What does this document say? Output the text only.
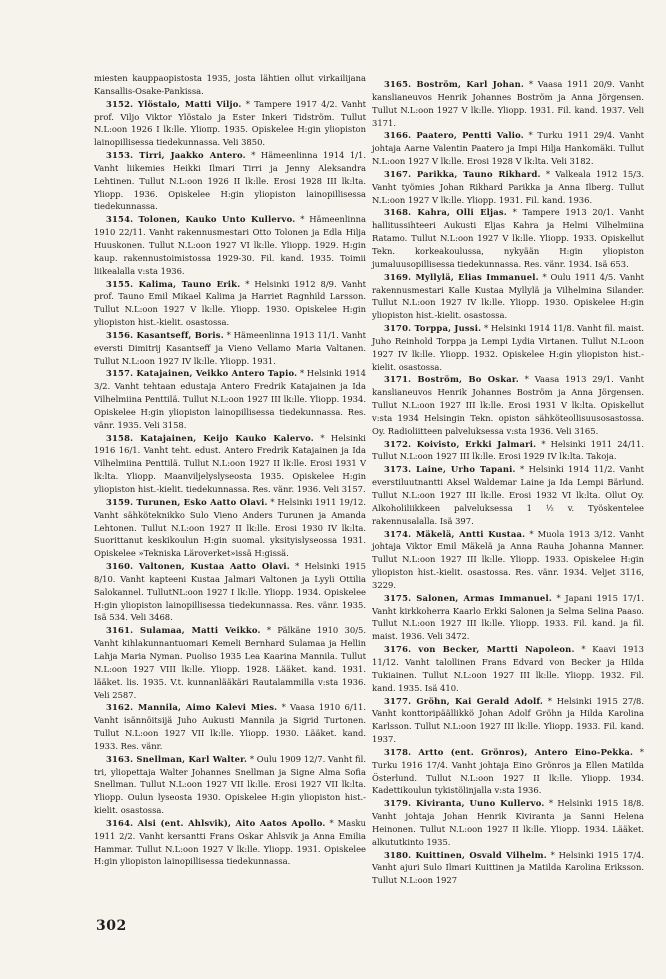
miesten kauppaopistosta 1935, josta lähtien ollut virkailijana Kansallis-Osake-Pankissa.

3152. Ylöstalo, Matti Viljo. * Tampere 1917 4/2. Vanht prof. Viljo Viktor Ylöstalo ja Ester Inkeri Tidström. Tullut N.L:oon 1926 I lk:lle. Ylioпp. 1935. Opiskelee H:gin yliopiston lainopillisessa tiedekunnassa. Veli 3850.

3153. Tirri, Jaakko Antero. * Hämeenlinna 1914 1/1. Vanht liikemies Heikki Ilmari Tirri ja Jenny Aleksandra Lehtinen. Tullut N.L:oon 1926 II lk:lle. Erosi 1928 III lk:lta. Yliopp. 1936. Opiskelee H:gin yliopiston lainopillisessa tiedekunnassa.

3154. Tolonen, Kauko Unto Kullervo. * Hämeenlinna 1910 22/11. Vanht rakennusmestari Otto Tolonen ja Edla Hilja Huuskonen. Tullut N.L:oon 1927 VI lk:lle. Yliopp. 1929. H:gin kaup. rakennustoimistossa 1929-30. Fil. kand. 1935. Toimii liikealalla v:sta 1936.

3155. Kalima, Tauno Erik. * Helsinki 1912 8/9. Vanht prof. Tauno Emil Mikael Kalima ja Harriet Ragnhild Larsson. Tullut N.L:oon 1927 V lk:lle. Yliopp. 1930. Opiskelee H:gin yliopiston hist.-kielit. osastossa.

3156. Kasantseff, Boris. * Hämeenlinna 1913 11/1. Vanht eversti Dimitrij Kasantseff ja Vieno Vellamo Maria Valtanen. Tullut N.L:oon 1927 IV lk:lle. Yliopp. 1931.

3157. Katajainen, Veikko Antero Tapio. * Helsinki 1914 3/2. Vanht tehtaan edustaja Antero Fredrik Katajainen ja Ida Vilhelmiina Penttilä. Tullut N.L:oon 1927 III lk:lle. Yliopp. 1934. Opiskelee H:gin yliopiston lainopillisessa tiedekunnassa. Res. vänr. 1935. Veli 3158.

3158. Katajainen, Keijo Kauko Kalervo. * Helsinki 1916 16/1. Vanht teht. edust. Antero Fredrik Katajainen ja Ida Vilhelmiina Penttilä. Tullut N.L:oon 1927 II lk:lle. Erosi 1931 V lk:lta. Yliopp. Maanviljelyslyseosta 1935. Opiskelee H:gin yliopiston hist.-kielit. tiedekunnassa. Res. vänr. 1936. Veli 3157.

3159. Turunen, Esko Aatto Olavi. * Helsinki 1911 19/12. Vanht sähköteknikko Sulo Vieno Anders Turunen ja Amanda Lehtonen. Tullut N.L:oon 1927 II lk:lle. Erosi 1930 IV lk:lta. Suorittanut keskikoulun H:gin suomal. yksityislyseossa 1931. Opiskelee »Tekniska Läroverket»issä H:gissä.

3160. Valtonen, Kustaa Aatto Olavi. * Helsinki 1915 8/10. Vanht kapteeni Kustaa Jalmari Valtonen ja Lyyli Ottilia Salokannel. TullutNL:oon 1927 I lk:lle. Yliopp. 1934. Opiskelee H:gin yliopiston lainopillisessa tiedekunnassa. Res. vänr. 1935. Isä 534. Veli 3468.

3161. Sulamaa, Matti Veikko. * Pälkäne 1910 30/5. Vanht kihlakunnantuomari Kemeli Bernhard Sulamaa ja Hellin Lahja Maria Nyman. Puoliso 1935 Lea Kaarina Mannila. Tullut N.L:oon 1927 VIII lk:lle. Yliopp. 1928. Lääket. kand. 1931. lääket. lis. 1935. V.t. kunnanlääkäri Rautalammilla v:sta 1936. Veli 2587.

3162. Mannila, Aimo Kalevi Mies. * Vaasa 1910 6/11. Vanht isännöitsijä Juho Aukusti Mannila ja Sigrid Turtonen. Tullut N.L:oon 1927 VII lk:lle. Yliopp. 1930. Lääket. kand. 1933. Res. vänr.

3163. Snellman, Karl Walter. * Oulu 1909 12/7. Vanht fil. tri, yliopettaja Walter Johannes Snellman ja Signe Alma Sofia Snellman. Tullut N.L:oon 1927 VII lk:lle. Erosi 1927 VII lk:lta. Yliopp. Oulun lyseosta 1930. Opiskelee H:gin yliopiston hist.-kielit. osastossa.

3164. Alsi (ent. Ahlsvik), Aito Aatos Apollo. * Masku 1911 2/2. Vanht kersantti Frans Oskar Ahlsvik ja Anna Emilia Hammar. Tullut N.L:oon 1927 V lk:lle. Yliopp. 1931. Opiskelee H:gin yliopiston lainopillisessa tiedekunnassa.

3165. Boström, Karl Johan. * Vaasa 1911 20/9. Vanht kanslianeuvos Henrik Johannes Boström ja Anna Jörgensen. Tullut N.L:oon 1927 V lk:lle. Yliopp. 1931. Fil. kand. 1937. Veli 3171.

3166. Paatero, Pentti Valio. * Turku 1911 29/4. Vanht johtaja Aarne Valentin Paatero ja Impi Hilja Hankomäki. Tullut N.L:oon 1927 V lk:lle. Erosi 1928 V lk:lta. Veli 3182.

3167. Parikka, Tauno Rikhard. * Valkeala 1912 15/3. Vanht työmies Johan Rikhard Parikka ja Anna Ilberg. Tullut N.L:oon 1927 V lk:lle. Yliopp. 1931. Fil. kand. 1936.

3168. Kahra, Olli Eljas. * Tampere 1913 20/1. Vanht hallitussihteeri Aukusti Eljas Kahra ja Helmi Vilhelmiina Ratamo. Tullut N.L:oon 1927 V lk:lle. Yliopp. 1933. Opiskellut Tekn. korkeakoulussa, nykyään H:gin yliopiston jumaluusopillisessa tiedekunnassa. Res. vänr. 1934. Isä 653.

3169. Myllylä, Elias Immanuel. * Oulu 1911 4/5. Vanht rakennusmestari Kalle Kustaa Myllylä ja Vilhelmina Silander. Tullut N.L:oon 1927 IV lk:lle. Yliopp. 1930. Opiskelee H:gin yliopiston hist.-kielit. osastossa.

3170. Torppa, Jussi. * Helsinki 1914 11/8. Vanht fil. maist. Juho Reinhold Torppa ja Lempi Lydia Virtanen. Tullut N.L:oon 1927 IV lk:lle. Yliopp. 1932. Opiskelee H:gin yliopiston hist.-kielit. osastossa.

3171. Boström, Bo Oskar. * Vaasa 1913 29/1. Vanht kanslianeuvos Henrik Johannes Boström ja Anna Jörgensen. Tullut N.L:oon 1927 III lk:lle. Erosi 1931 V lk:lta. Opiskellut v:sta 1934 Helsingin Tekn. opiston sähköteollisuusosastossa. Oy. Radioliitteen palveluksessa v:sta 1936. Veli 3165.

3172. Koivisto, Erkki Jalmari. * Helsinki 1911 24/11. Tullut N.L:oon 1927 III lk:lle. Erosi 1929 IV lk:lta. Takoja.

3173. Laine, Urho Tapani. * Helsinki 1914 11/2. Vanht everstiluutnantti Aksel Waldemar Laine ja Ida Lempi Bärlund. Tullut N.L:oon 1927 III lk:lle. Erosi 1932 VI lk:lta. Ollut Oy. Alkoholiliikkeen palveluksessa 1 ½ v. Työskentelee rakennusalalla. Isä 397.

3174. Mäkelä, Antti Kustaa. * Muola 1913 3/12. Vanht johtaja Viktor Emil Mäkelä ja Anna Rauha Johanna Manner. Tullut N.L:oon 1927 III lk:lle. Yliopp. 1933. Opiskelee H:gin yliopiston hist.-kielit. osastossa. Res. vänr. 1934. Veljet 3116, 3229.

3175. Salonen, Armas Immanuel. * Japani 1915 17/1. Vanht kirkkoherra Kaarlo Erkki Salonen ja Selma Selina Paaso. Tullut N.L:oon 1927 III lk:lle. Yliopp. 1933. Fil. kand. ja fil. maist. 1936. Veli 3472.

3176. von Becker, Martti Napoleon. * Kaavi 1913 11/12. Vanht talollinen Frans Edvard von Becker ja Hilda Tukiainen. Tullut N.L:oon 1927 III lk:lle. Yliopp. 1932. Fil. kand. 1935. Isä 410.

3177. Gröhn, Kai Gerald Adolf. * Helsinki 1915 27/8. Vanht konttoripäällikkö Johan Adolf Gröhn ja Hilda Karolina Karlsson. Tullut N.L:oon 1927 III lk:lle. Yliopp. 1933. Fil. kand. 1937.

3178. Artto (ent. Grönros), Antero Eino-Pekka. * Turku 1916 17/4. Vanht johtaja Eino Grönros ja Ellen Matilda Österlund. Tullut N.L:oon 1927 II lk:lle. Yliopp. 1934. Kadettikoulun tykistölinjalla v:sta 1936.

3179. Kiviranta, Uuno Kullervo. * Helsinki 1915 18/8. Vanht johtaja Johan Henrik Kiviranta ja Sanni Helena Heinonen. Tullut N.L:oon 1927 II lk:lle. Yliopp. 1934. Lääket. alkututkinto 1935.

3180. Kuittinen, Osvald Vilhelm. * Helsinki 1915 17/4. Vanht ajuri Sulo Ilmari Kuittinen ja Matilda Karolina Eriksson. Tullut N.L:oon 1927

302
